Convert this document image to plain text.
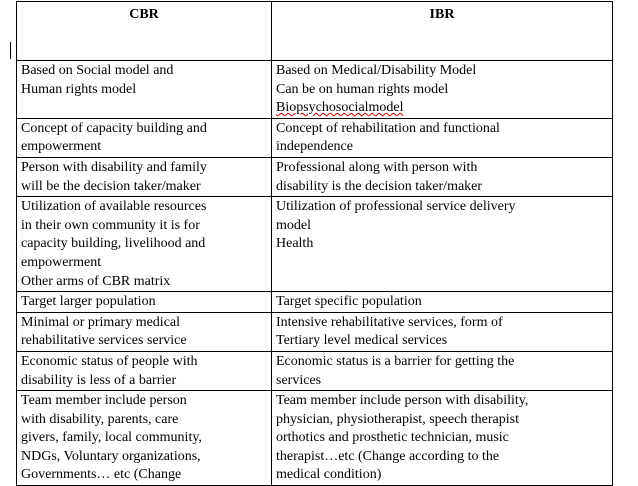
CBR	IBR

Based on Social model and
Human rights model	Based on Medical/Disability Model
Can be on human rights model
Biopsychosocialmodel

Concept of capacity building and
empowerment	Concept of rehabilitation and functional
independence

Person with disability and family
will be the decision taker/maker	Professional along with person with
disability is the decision taker/maker

Utilization of available resources
in their own community it is for
capacity building, livelihood and
empowerment
Other arms of CBR matrix	Utilization of professional service delivery
model
Health

Target larger population	Target specific population

Minimal or primary medical
rehabilitative services service	Intensive rehabilitative services, form of
Tertiary level medical services

Economic status of people with
disability is less of a barrier	Economic status is a barrier for getting the
services

Team member include person
with disability, parents, care
givers, family, local community,
NDGs, Voluntary organizations,
Governments… etc (Change	Team member include person with disability,
physician, physiotherapist, speech therapist
orthotics and prosthetic technician, music
therapist…etc (Change according to the
medical condition)
